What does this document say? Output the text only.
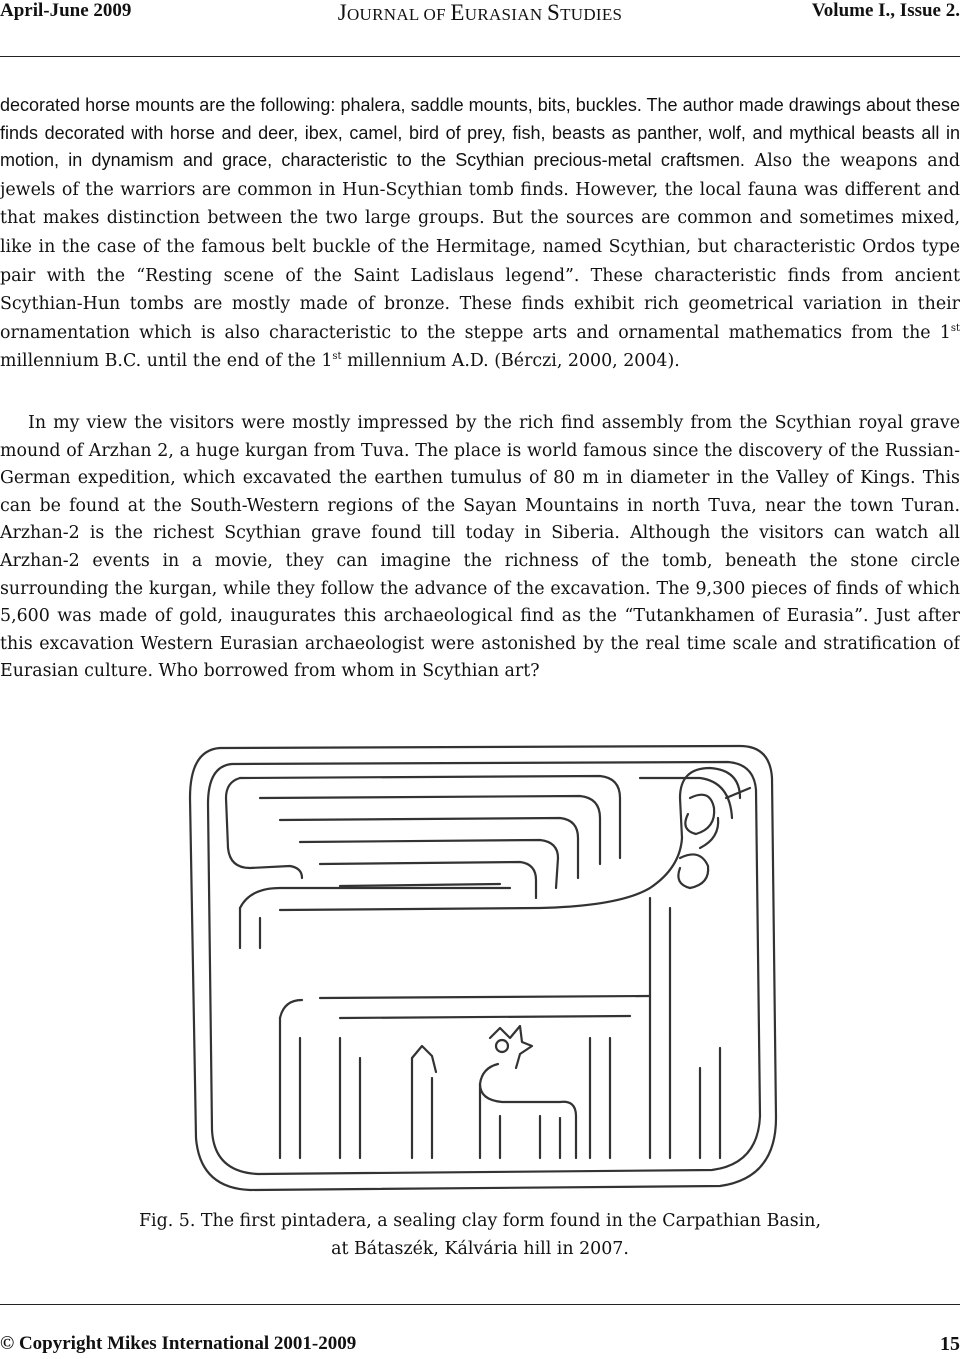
April-June 2009	JOURNAL OF EURASIAN STUDIES	Volume I., Issue 2.

decorated horse mounts are the following: phalera, saddle mounts, bits, buckles. The author made drawings about these finds decorated with horse and deer, ibex, camel, bird of prey, fish, beasts as panther, wolf, and mythical beasts all in motion, in dynamism and grace, characteristic to the Scythian precious-metal craftsmen. Also the weapons and jewels of the warriors are common in Hun-Scythian tomb finds. However, the local fauna was different and that makes distinction between the two large groups. But the sources are common and sometimes mixed, like in the case of the famous belt buckle of the Hermitage, named Scythian, but characteristic Ordos type pair with the “Resting scene of the Saint Ladislaus legend”. These characteristic finds from ancient Scythian-Hun tombs are mostly made of bronze. These finds exhibit rich geometrical variation in their ornamentation which is also characteristic to the steppe arts and ornamental mathematics from the 1st millennium B.C. until the end of the 1st millennium A.D. (Bérczi, 2000, 2004).

In my view the visitors were mostly impressed by the rich find assembly from the Scythian royal grave mound of Arzhan 2, a huge kurgan from Tuva. The place is world famous since the discovery of the Russian-German expedition, which excavated the earthen tumulus of 80 m in diameter in the Valley of Kings. This can be found at the South-Western regions of the Sayan Mountains in north Tuva, near the town Turan. Arzhan-2 is the richest Scythian grave found till today in Siberia. Although the visitors can watch all Arzhan-2 events in a movie, they can imagine the richness of the tomb, beneath the stone circle surrounding the kurgan, while they follow the advance of the excavation. The 9,300 pieces of finds of which 5,600 was made of gold, inaugurates this archaeological find as the “Tutankhamen of Eurasia”. Just after this excavation Western Eurasian archaeologist were astonished by the real time scale and stratification of Eurasian culture. Who borrowed from whom in Scythian art?

Fig. 5. The first pintadera, a sealing clay form found in the Carpathian Basin,
at Bátaszék, Kálvária hill in 2007.
© Copyright Mikes International 2001-2009	15
